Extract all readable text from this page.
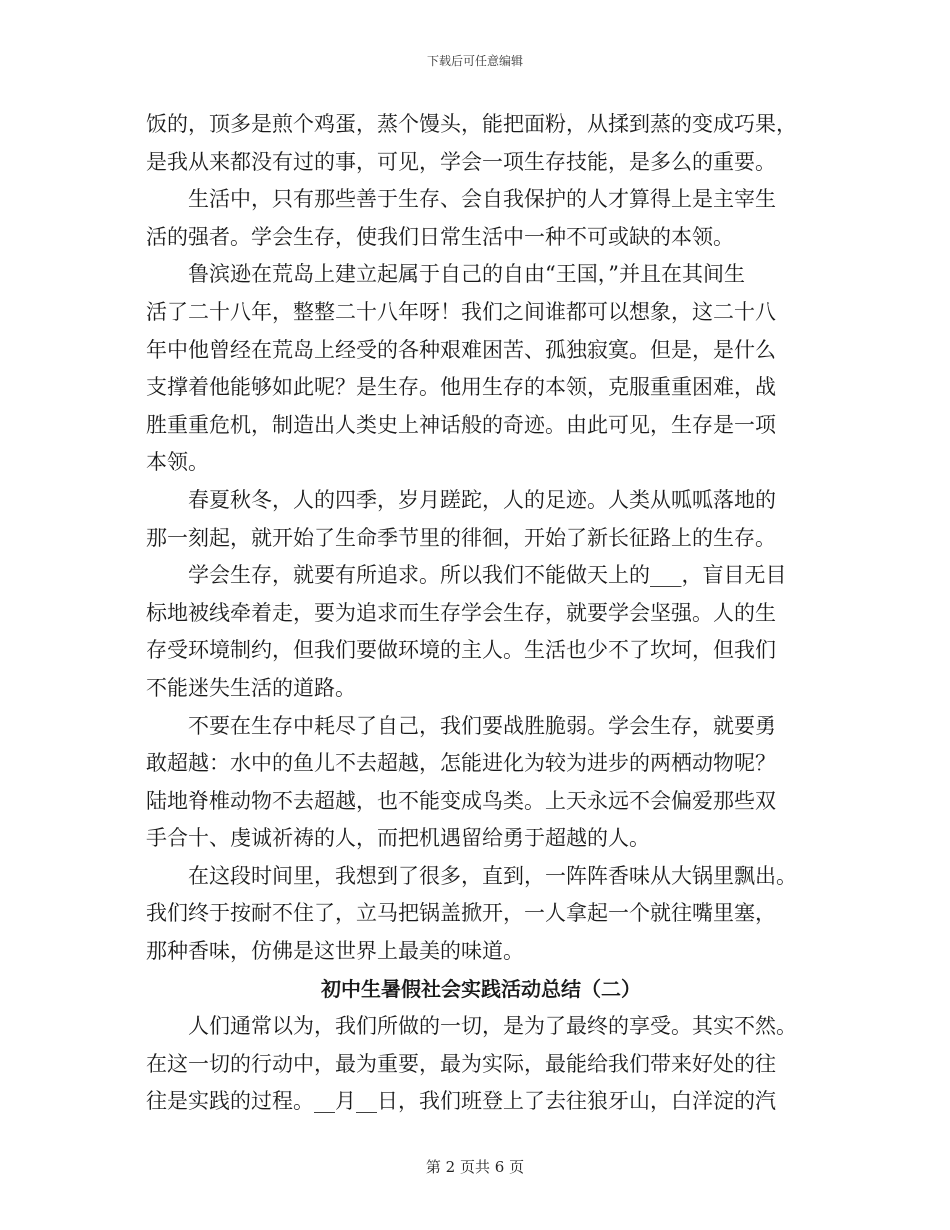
下载后可任意编辑
饭的，顶多是煎个鸡蛋，蒸个馒头，能把面粉，从揉到蒸的变成巧果，
是我从来都没有过的事，可见，学会一项生存技能，是多么的重要。
生活中，只有那些善于生存、会自我保护的人才算得上是主宰生
活的强者。学会生存，使我们日常生活中一种不可或缺的本领。
鲁滨逊在荒岛上建立起属于自己的自由“王国，”并且在其间生
活了二十八年，整整二十八年呀！我们之间谁都可以想象，这二十八
年中他曾经在荒岛上经受的各种艰难困苦、孤独寂寞。但是，是什么
支撑着他能够如此呢？是生存。他用生存的本领，克服重重困难，战
胜重重危机，制造出人类史上神话般的奇迹。由此可见，生存是一项
本领。
春夏秋冬，人的四季，岁月蹉跎，人的足迹。人类从呱呱落地的
那一刻起，就开始了生命季节里的徘徊，开始了新长征路上的生存。
学会生存，就要有所追求。所以我们不能做天上的___，盲目无目
标地被线牵着走，要为追求而生存学会生存，就要学会坚强。人的生
存受环境制约，但我们要做环境的主人。生活也少不了坎坷，但我们
不能迷失生活的道路。
不要在生存中耗尽了自己，我们要战胜脆弱。学会生存，就要勇
敢超越：水中的鱼儿不去超越，怎能进化为较为进步的两栖动物呢？
陆地脊椎动物不去超越，也不能变成鸟类。上天永远不会偏爱那些双
手合十、虔诚祈祷的人，而把机遇留给勇于超越的人。
在这段时间里，我想到了很多，直到，一阵阵香味从大锅里飘出。
我们终于按耐不住了，立马把锅盖掀开，一人拿起一个就往嘴里塞，
那种香味，仿佛是这世界上最美的味道。
初中生暑假社会实践活动总结（二）
人们通常以为，我们所做的一切，是为了最终的享受。其实不然。
在这一切的行动中，最为重要，最为实际，最能给我们带来好处的往
往是实践的过程。__月__日，我们班登上了去往狼牙山，白洋淀的汽
第 2 页共 6 页
